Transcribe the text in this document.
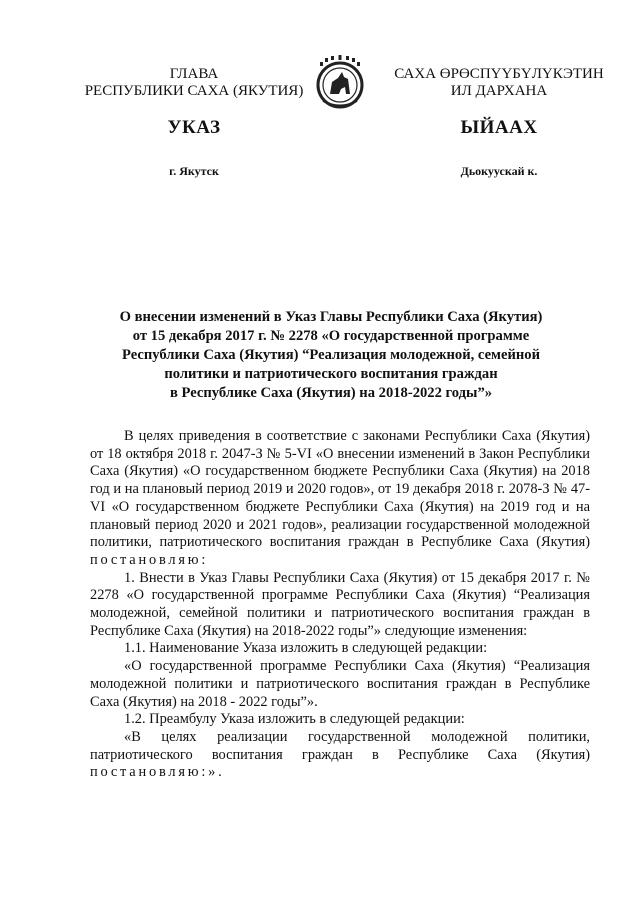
ГЛАВА
РЕСПУБЛИКИ САХА (ЯКУТИЯ)
САХА ӨРӨСПҮҮБҮЛҮКЭТИН
ИЛ ДАРХАНА
УКАЗ	ЫЙААХ
г. Якутск	Дьокуускай к.
О внесении изменений в Указ Главы Республики Саха (Якутия)
от 15 декабря 2017 г. № 2278 «О государственной программе
Республики Саха (Якутия) “Реализация молодежной, семейной
политики и патриотического воспитания граждан
в Республике Саха (Якутия) на 2018-2022 годы”»

В целях приведения в соответствие с законами Республики Саха (Якутия) от 18 октября 2018 г. 2047-З № 5-VI «О внесении изменений в Закон Республики Саха (Якутия) «О государственном бюджете Республики Саха (Якутия) на 2018 год и на плановый период 2019 и 2020 годов», от 19 декабря 2018 г. 2078-З № 47-VI «О государственном бюджете Республики Саха (Якутия) на 2019 год и на плановый период 2020 и 2021 годов», реализации государственной молодежной политики, патриотического воспитания граждан в Республике Саха (Якутия) постановляю:

1. Внести в Указ Главы Республики Саха (Якутия) от 15 декабря 2017 г. № 2278 «О государственной программе Республики Саха (Якутия) “Реализация молодежной, семейной политики и патриотического воспитания граждан в Республике Саха (Якутия) на 2018-2022 годы”» следующие изменения:

1.1. Наименование Указа изложить в следующей редакции:

«О государственной программе Республики Саха (Якутия) “Реализация молодежной политики и патриотического воспитания граждан в Республике Саха (Якутия) на 2018 - 2022 годы”».

1.2. Преамбулу Указа изложить в следующей редакции:

«В целях реализации государственной молодежной политики, патриотического воспитания граждан в Республике Саха (Якутия) постановляю:».
